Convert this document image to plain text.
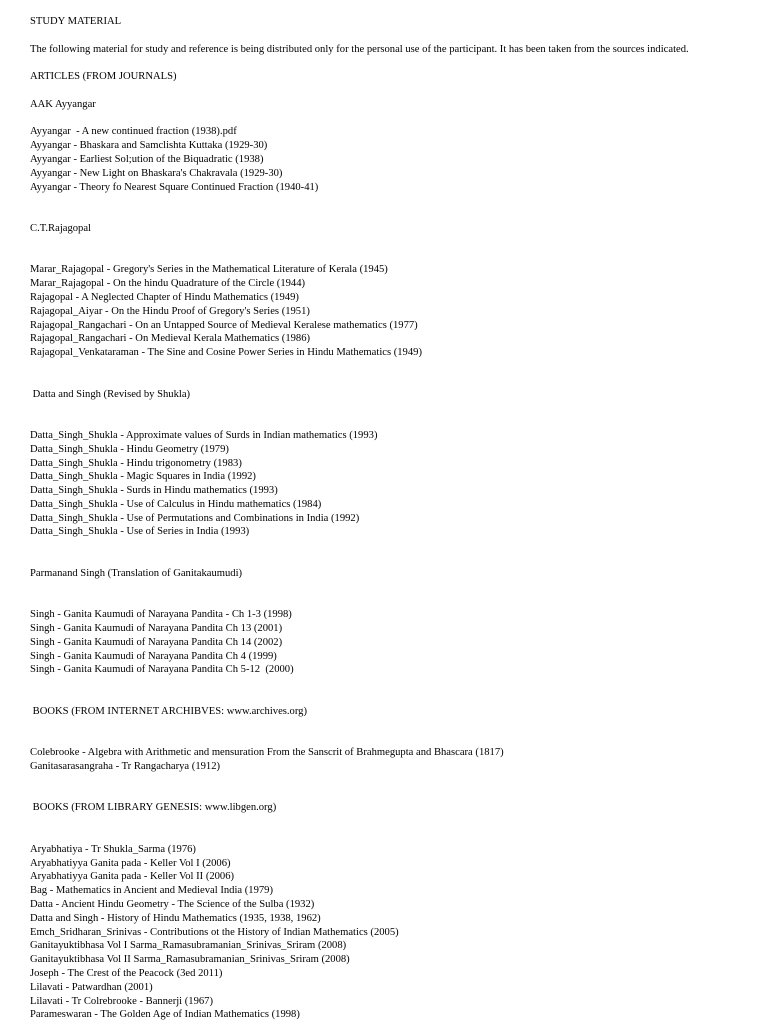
STUDY MATERIAL
The following material for study and reference is being distributed only for the personal use of the participant. It has been taken from the sources indicated.
ARTICLES (FROM JOURNALS)
AAK Ayyangar
Ayyangar  - A new continued fraction (1938).pdf
Ayyangar - Bhaskara and Samclishta Kuttaka (1929-30)
Ayyangar - Earliest Sol;ution of the Biquadratic (1938)
Ayyangar - New Light on Bhaskara's Chakravala (1929-30)
Ayyangar - Theory fo Nearest Square Continued Fraction (1940-41)
C.T.Rajagopal
Marar_Rajagopal - Gregory's Series in the Mathematical Literature of Kerala (1945)
Marar_Rajagopal - On the hindu Quadrature of the Circle (1944)
Rajagopal - A Neglected Chapter of Hindu Mathematics (1949)
Rajagopal_Aiyar - On the Hindu Proof of Gregory's Series (1951)
Rajagopal_Rangachari - On an Untapped Source of Medieval Keralese mathematics (1977)
Rajagopal_Rangachari - On Medieval Kerala Mathematics (1986)
Rajagopal_Venkataraman - The Sine and Cosine Power Series in Hindu Mathematics (1949)
Datta and Singh (Revised by Shukla)
Datta_Singh_Shukla - Approximate values of Surds in Indian mathematics (1993)
Datta_Singh_Shukla - Hindu Geometry (1979)
Datta_Singh_Shukla - Hindu trigonometry (1983)
Datta_Singh_Shukla - Magic Squares in India (1992)
Datta_Singh_Shukla - Surds in Hindu mathematics (1993)
Datta_Singh_Shukla - Use of Calculus in Hindu mathematics (1984)
Datta_Singh_Shukla - Use of Permutations and Combinations in India (1992)
Datta_Singh_Shukla - Use of Series in India (1993)
Parmanand Singh (Translation of Ganitakaumudi)
Singh - Ganita Kaumudi of Narayana Pandita - Ch 1-3 (1998)
Singh - Ganita Kaumudi of Narayana Pandita Ch 13 (2001)
Singh - Ganita Kaumudi of Narayana Pandita Ch 14 (2002)
Singh - Ganita Kaumudi of Narayana Pandita Ch 4 (1999)
Singh - Ganita Kaumudi of Narayana Pandita Ch 5-12  (2000)
BOOKS (FROM INTERNET ARCHIBVES: www.archives.org)
Colebrooke - Algebra with Arithmetic and mensuration From the Sanscrit of Brahmegupta and Bhascara (1817)
Ganitasarasangraha - Tr Rangacharya (1912)
BOOKS (FROM LIBRARY GENESIS: www.libgen.org)
Aryabhatiya - Tr Shukla_Sarma (1976)
Aryabhatiyya Ganita pada - Keller Vol I (2006)
Aryabhatiyya Ganita pada - Keller Vol II (2006)
Bag - Mathematics in Ancient and Medieval India (1979)
Datta - Ancient Hindu Geometry - The Science of the Sulba (1932)
Datta and Singh - History of Hindu Mathematics (1935, 1938, 1962)
Emch_Sridharan_Srinivas - Contributions ot the History of Indian Mathematics (2005)
Ganitayuktibhasa Vol I Sarma_Ramasubramanian_Srinivas_Sriram (2008)
Ganitayuktibhasa Vol II Sarma_Ramasubramanian_Srinivas_Sriram (2008)
Joseph - The Crest of the Peacock (3ed 2011)
Lilavati - Patwardhan (2001)
Lilavati - Tr Colrebrooke - Bannerji (1967)
Parameswaran - The Golden Age of Indian Mathematics (1998)
